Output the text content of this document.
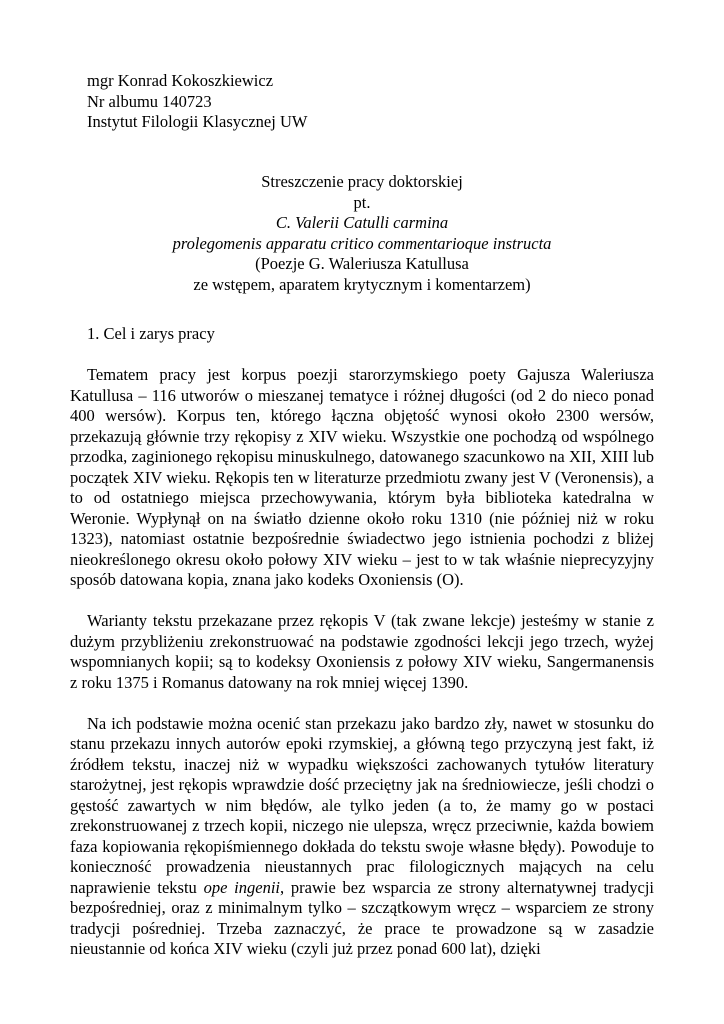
mgr Konrad Kokoszkiewicz
Nr albumu 140723
Instytut Filologii Klasycznej UW
Streszczenie pracy doktorskiej
pt.
C. Valerii Catulli carmina
prolegomenis apparatu critico commentarioque instructa
(Poezje G. Waleriusza Katullusa
ze wstępem, aparatem krytycznym i komentarzem)
1. Cel i zarys pracy

Tematem pracy jest korpus poezji starorzymskiego poety Gajusza Waleriusza Katullusa – 116 utworów o mieszanej tematyce i różnej długości (od 2 do nieco ponad 400 wersów). Korpus ten, którego łączna objętość wynosi około 2300 wersów, przekazują głównie trzy rękopisy z XIV wieku. Wszystkie one pochodzą od wspólnego przodka, zaginionego rękopisu minuskulnego, datowanego szacunkowo na XII, XIII lub początek XIV wieku. Rękopis ten w literaturze przedmiotu zwany jest V (Veronensis), a to od ostatniego miejsca przechowywania, którym była biblioteka katedralna w Weronie. Wypłynął on na światło dzienne około roku 1310 (nie później niż w roku 1323), natomiast ostatnie bezpośrednie świadectwo jego istnienia pochodzi z bliżej nieokreślonego okresu około połowy XIV wieku – jest to w tak właśnie nieprecyzyjny sposób datowana kopia, znana jako kodeks Oxoniensis (O).

Warianty tekstu przekazane przez rękopis V (tak zwane lekcje) jesteśmy w stanie z dużym przybliżeniu zrekonstruować na podstawie zgodności lekcji jego trzech, wyżej wspomnianych kopii; są to kodeksy Oxoniensis z połowy XIV wieku, Sangermanensis z roku 1375 i Romanus datowany na rok mniej więcej 1390.

Na ich podstawie można ocenić stan przekazu jako bardzo zły, nawet w stosunku do stanu przekazu innych autorów epoki rzymskiej, a główną tego przyczyną jest fakt, iż źródłem tekstu, inaczej niż w wypadku większości zachowanych tytułów literatury starożytnej, jest rękopis wprawdzie dość przeciętny jak na średniowiecze, jeśli chodzi o gęstość zawartych w nim błędów, ale tylko jeden (a to, że mamy go w postaci zrekonstruowanej z trzech kopii, niczego nie ulepsza, wręcz przeciwnie, każda bowiem faza kopiowania rękopiśmiennego dokłada do tekstu swoje własne błędy). Powoduje to konieczność prowadzenia nieustannych prac filologicznych mających na celu naprawienie tekstu ope ingenii, prawie bez wsparcia ze strony alternatywnej tradycji bezpośredniej, oraz z minimalnym tylko – szczątkowym wręcz – wsparciem ze strony tradycji pośredniej. Trzeba zaznaczyć, że prace te prowadzone są w zasadzie nieustannie od końca XIV wieku (czyli już przez ponad 600 lat), dzięki
